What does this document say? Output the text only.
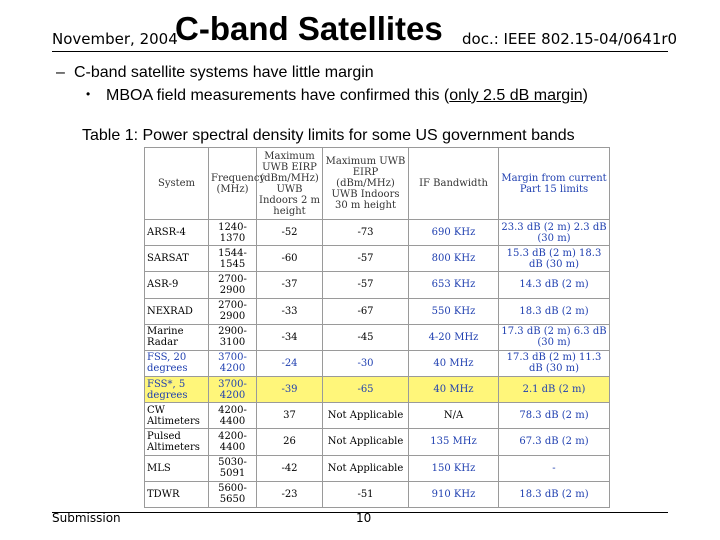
November, 2004
C-band Satellites doc.: IEEE 802.15-04/0641r0
– C-band satellite systems have little margin
• MBOA field measurements have confirmed this (only 2.5 dB margin)
Table 1: Power spectral density limits for some US government bands
System	Frequency (MHz)	Maximum UWB EIRP (dBm/MHz) UWB Indoors 2 m height	Maximum UWB EIRP (dBm/MHz) UWB Indoors 30 m height	IF Bandwidth	Margin from current Part 15 limits
ARSR-4	1240-1370	-52	-73	690 KHz	23.3 dB (2 m) 2.3 dB (30 m)
SARSAT	1544-1545	-60	-57	800 KHz	15.3 dB (2 m) 18.3 dB (30 m)
ASR-9	2700-2900	-37	-57	653 KHz	14.3 dB (2 m)
NEXRAD	2700-2900	-33	-67	550 KHz	18.3 dB (2 m)
Marine Radar	2900-3100	-34	-45	4-20 MHz	17.3 dB (2 m) 6.3 dB (30 m)
FSS, 20 degrees	3700-4200	-24	-30	40 MHz	17.3 dB (2 m) 11.3 dB (30 m)
FSS*, 5 degrees	3700-4200	-39	-65	40 MHz	2.1 dB (2 m)
CW Altimeters	4200-4400	37	Not Applicable	N/A	78.3 dB (2 m)
Pulsed Altimeters	4200-4400	26	Not Applicable	135 MHz	67.3 dB (2 m)
MLS	5030-5091	-42	Not Applicable	150 KHz	-
TDWR	5600-5650	-23	-51	910 KHz	18.3 dB (2 m)
Submission	10
